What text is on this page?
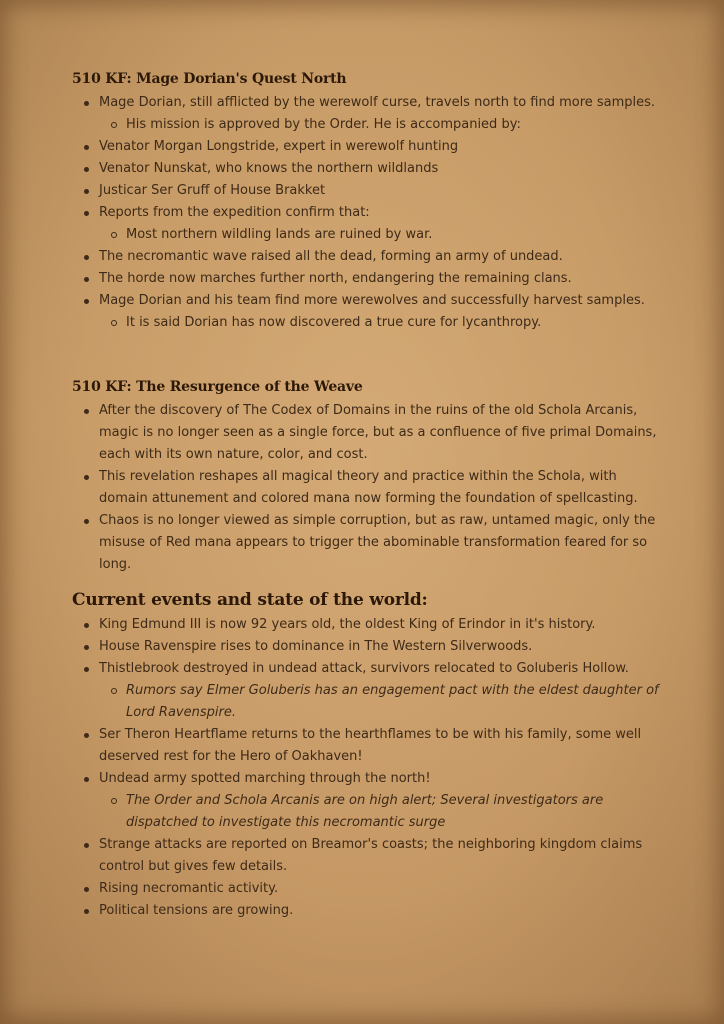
510 KF: Mage Dorian's Quest North
Mage Dorian, still afflicted by the werewolf curse, travels north to find more samples.
His mission is approved by the Order. He is accompanied by:
Venator Morgan Longstride, expert in werewolf hunting
Venator Nunskat, who knows the northern wildlands
Justicar Ser Gruff of House Brakket
Reports from the expedition confirm that:
Most northern wildling lands are ruined by war.
The necromantic wave raised all the dead, forming an army of undead.
The horde now marches further north, endangering the remaining clans.
Mage Dorian and his team find more werewolves and successfully harvest samples.
It is said Dorian has now discovered a true cure for lycanthropy.
510 KF: The Resurgence of the Weave
After the discovery of The Codex of Domains in the ruins of the old Schola Arcanis, magic is no longer seen as a single force, but as a confluence of five primal Domains, each with its own nature, color, and cost.
This revelation reshapes all magical theory and practice within the Schola, with domain attunement and colored mana now forming the foundation of spellcasting.
Chaos is no longer viewed as simple corruption, but as raw, untamed magic, only the misuse of Red mana appears to trigger the abominable transformation feared for so long.
Current events and state of the world:
King Edmund III is now 92 years old, the oldest King of Erindor in it's history.
House Ravenspire rises to dominance in The Western Silverwoods.
Thistlebrook destroyed in undead attack, survivors relocated to Goluberis Hollow.
Rumors say Elmer Goluberis has an engagement pact with the eldest daughter of Lord Ravenspire.
Ser Theron Heartflame returns to the hearthflames to be with his family, some well deserved rest for the Hero of Oakhaven!
Undead army spotted marching through the north!
The Order and Schola Arcanis are on high alert; Several investigators are dispatched to investigate this necromantic surge
Strange attacks are reported on Breamor's coasts; the neighboring kingdom claims control but gives few details.
Rising necromantic activity.
Political tensions are growing.
